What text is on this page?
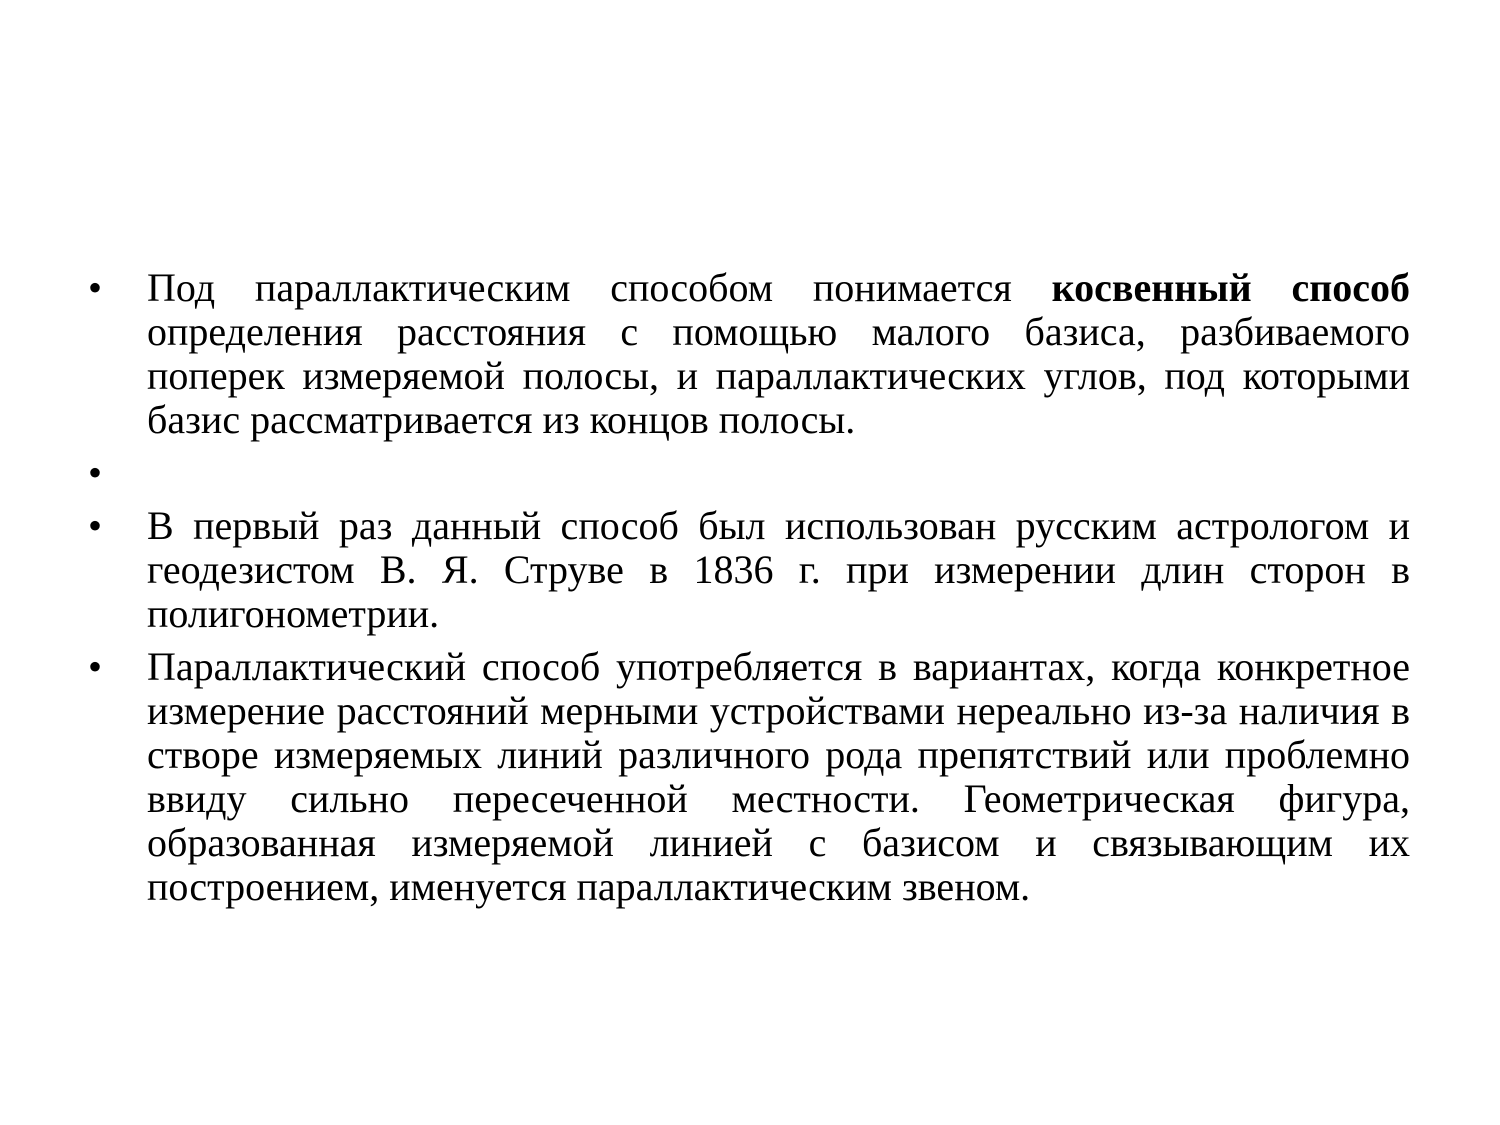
• Под параллактическим способом понимается косвенный способ определения расстояния с помощью малого базиса, разбиваемого поперек измеряемой полосы, и параллактических углов, под которыми базис рассматривается из концов полосы.
•
• В первый раз данный способ был использован русским астрологом и геодезистом В. Я. Струве в 1836 г. при измерении длин сторон в полигонометрии.
• Параллактический способ употребляется в вариантах, когда конкретное измерение расстояний мерными устройствами нереально из-за наличия в створе измеряемых линий различного рода препятствий или проблемно ввиду сильно пересеченной местности. Геометрическая фигура, образованная измеряемой линией с базисом и связывающим их построением, именуется параллактическим звеном.
